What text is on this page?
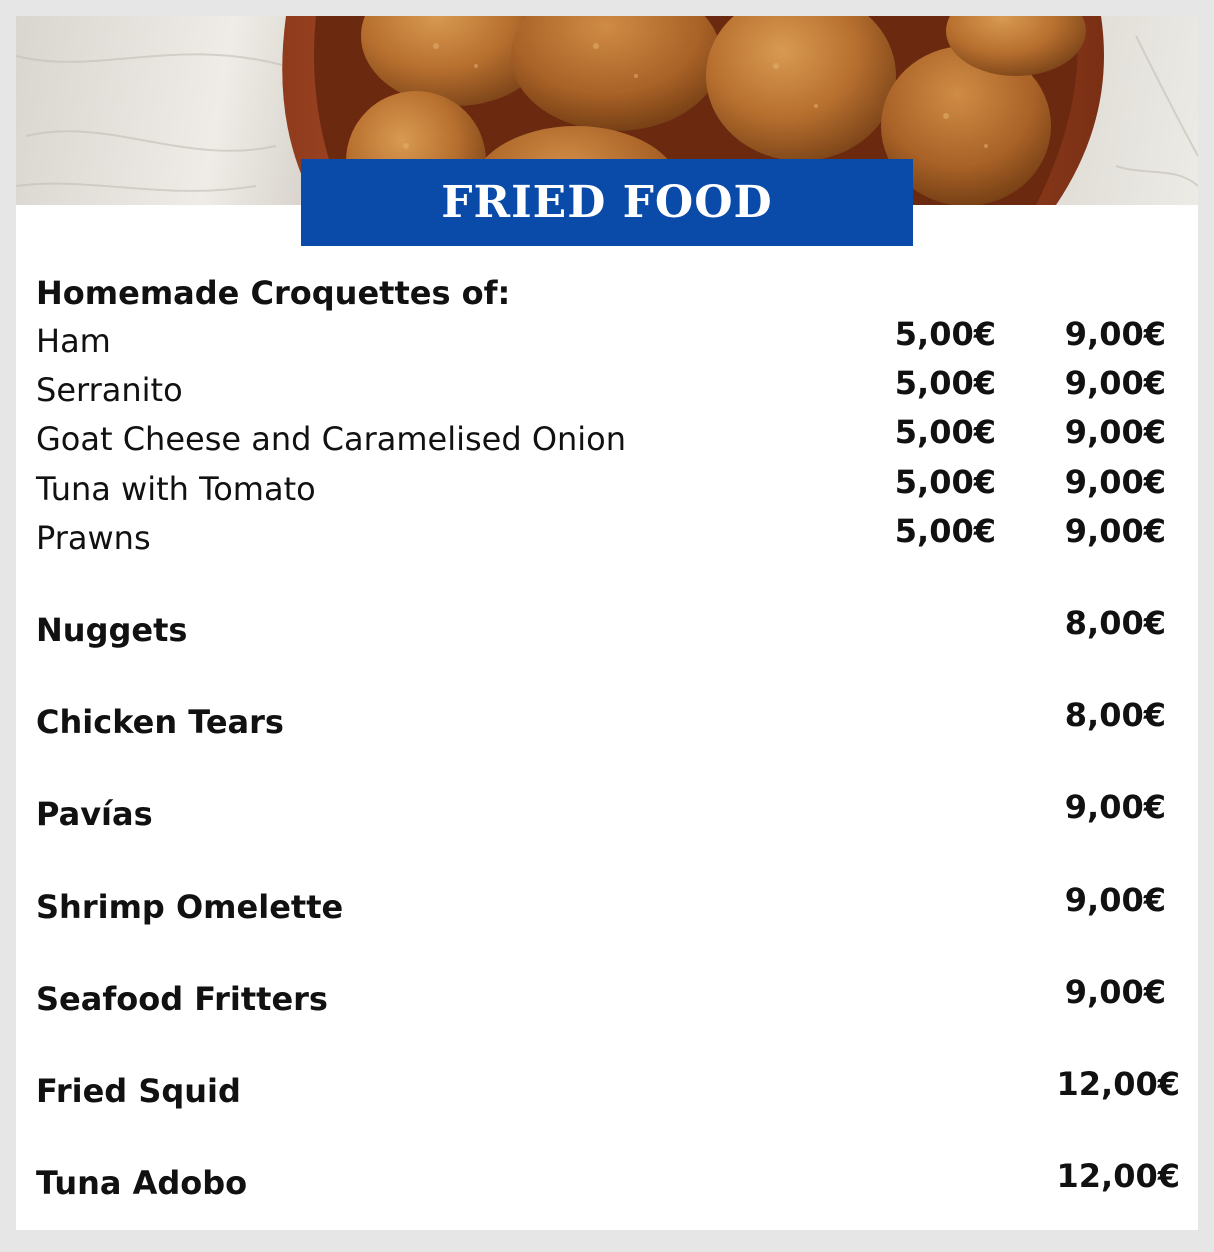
FRIED FOOD
Homemade Croquettes of:
Ham	5,00€	9,00€
Serranito	5,00€	9,00€
Goat Cheese and Caramelised Onion	5,00€	9,00€
Tuna with Tomato	5,00€	9,00€
Prawns	5,00€	9,00€
Nuggets	8,00€
Chicken Tears	8,00€
Pavías	9,00€
Shrimp Omelette	9,00€
Seafood Fritters	9,00€
Fried Squid	12,00€
Tuna Adobo	12,00€
